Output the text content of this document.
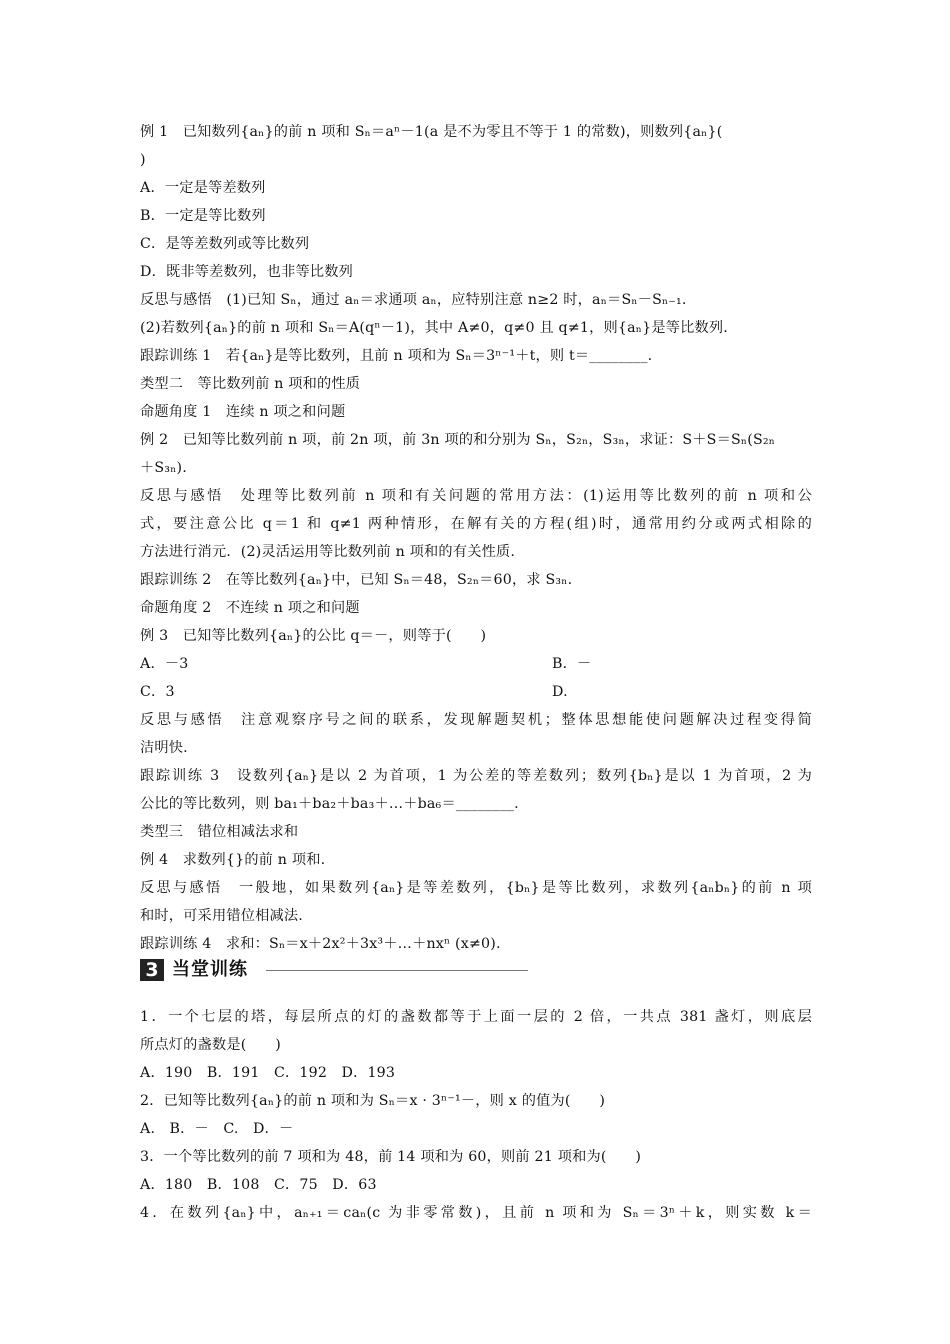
例 1　已知数列{aₙ}的前 n 项和 Sₙ＝aⁿ－1(a 是不为零且不等于 1 的常数)，则数列{aₙ}(
)
A．一定是等差数列
B．一定是等比数列
C．是等差数列或等比数列
D．既非等差数列，也非等比数列
反思与感悟　(1)已知 Sₙ，通过 aₙ＝求通项 aₙ，应特别注意 n≥2 时，aₙ＝Sₙ－Sₙ₋₁.
(2)若数列{aₙ}的前 n 项和 Sₙ＝A(qⁿ－1)，其中 A≠0，q≠0 且 q≠1，则{aₙ}是等比数列.
跟踪训练 1　若{aₙ}是等比数列，且前 n 项和为 Sₙ＝3ⁿ⁻¹＋t，则 t＝________.
类型二　等比数列前 n 项和的性质
命题角度 1　连续 n 项之和问题
例 2　已知等比数列前 n 项，前 2n 项，前 3n 项的和分别为 Sₙ，S₂ₙ，S₃ₙ，求证：S＋S＝Sₙ(S₂ₙ
＋S₃ₙ).
反思与感悟　处理等比数列前 n 项和有关问题的常用方法：(1)运用等比数列的前 n 项和公
式，要注意公比 q＝1 和 q≠1 两种情形，在解有关的方程(组)时，通常用约分或两式相除的
方法进行消元．(2)灵活运用等比数列前 n 项和的有关性质.
跟踪训练 2　在等比数列{aₙ}中，已知 Sₙ＝48，S₂ₙ＝60，求 S₃ₙ.
命题角度 2　不连续 n 项之和问题
例 3　已知等比数列{aₙ}的公比 q＝－，则等于(　　)
A．－3	B．－
C．3	D.
反思与感悟　注意观察序号之间的联系，发现解题契机；整体思想能使问题解决过程变得简
洁明快.
跟踪训练 3　设数列{aₙ}是以 2 为首项，1 为公差的等差数列；数列{bₙ}是以 1 为首项，2 为
公比的等比数列，则 ba₁＋ba₂＋ba₃＋…＋ba₆＝________.
类型三　错位相减法求和
例 4　求数列{}的前 n 项和.
反思与感悟　一般地，如果数列{aₙ}是等差数列，{bₙ}是等比数列，求数列{aₙbₙ}的前 n 项
和时，可采用错位相减法.
跟踪训练 4　求和：Sₙ＝x＋2x²＋3x³＋…＋nxⁿ (x≠0).
3 当堂训练
1．一个七层的塔，每层所点的灯的盏数都等于上面一层的 2 倍，一共点 381 盏灯，则底层
所点灯的盏数是(　　)
A．190　B．191　C．192　D．193
2．已知等比数列{aₙ}的前 n 项和为 Sₙ＝x · 3ⁿ⁻¹－，则 x 的值为(　　)
A.　B．－　C.　D．－
3．一个等比数列的前 7 项和为 48，前 14 项和为 60，则前 21 项和为(　　)
A．180　B．108　C．75　D．63
4．在数列{aₙ}中，aₙ₊₁＝caₙ(c 为非零常数)，且前 n 项和为 Sₙ＝3ⁿ＋k，则实数 k＝
